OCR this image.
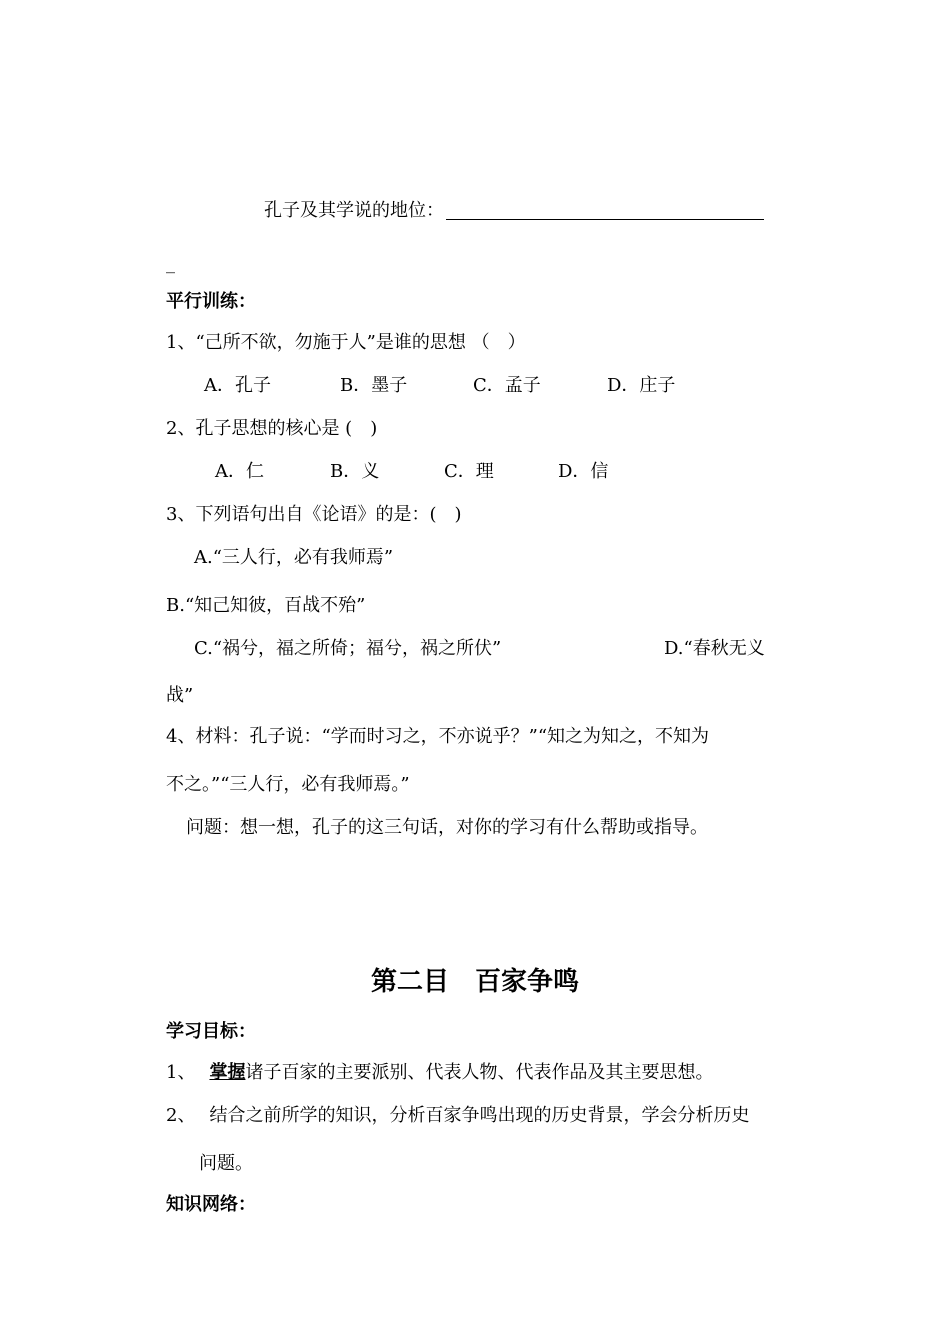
孔子及其学说的地位：
_
平行训练：
1、“己所不欲，勿施于人”是谁的思想 （　）
A．孔子	B．墨子	C．孟子	D．庄子
2、孔子思想的核心是 (　)
A．仁	B．义	C．理	D．信
3、下列语句出自《论语》的是：(　)
A.“三人行，必有我师焉”
B.“知己知彼，百战不殆”
C.“祸兮，福之所倚；福兮，祸之所伏”	D.“春秋无义
战”
4、材料：孔子说：“学而时习之，不亦说乎？”“知之为知之，不知为
不之。”“三人行，必有我师焉。”
问题：想一想，孔子的这三句话，对你的学习有什么帮助或指导。
第二目　百家争鸣
学习目标：
1、 掌握诸子百家的主要派别、代表人物、代表作品及其主要思想。
2、 结合之前所学的知识，分析百家争鸣出现的历史背景，学会分析历史
问题。
知识网络：
